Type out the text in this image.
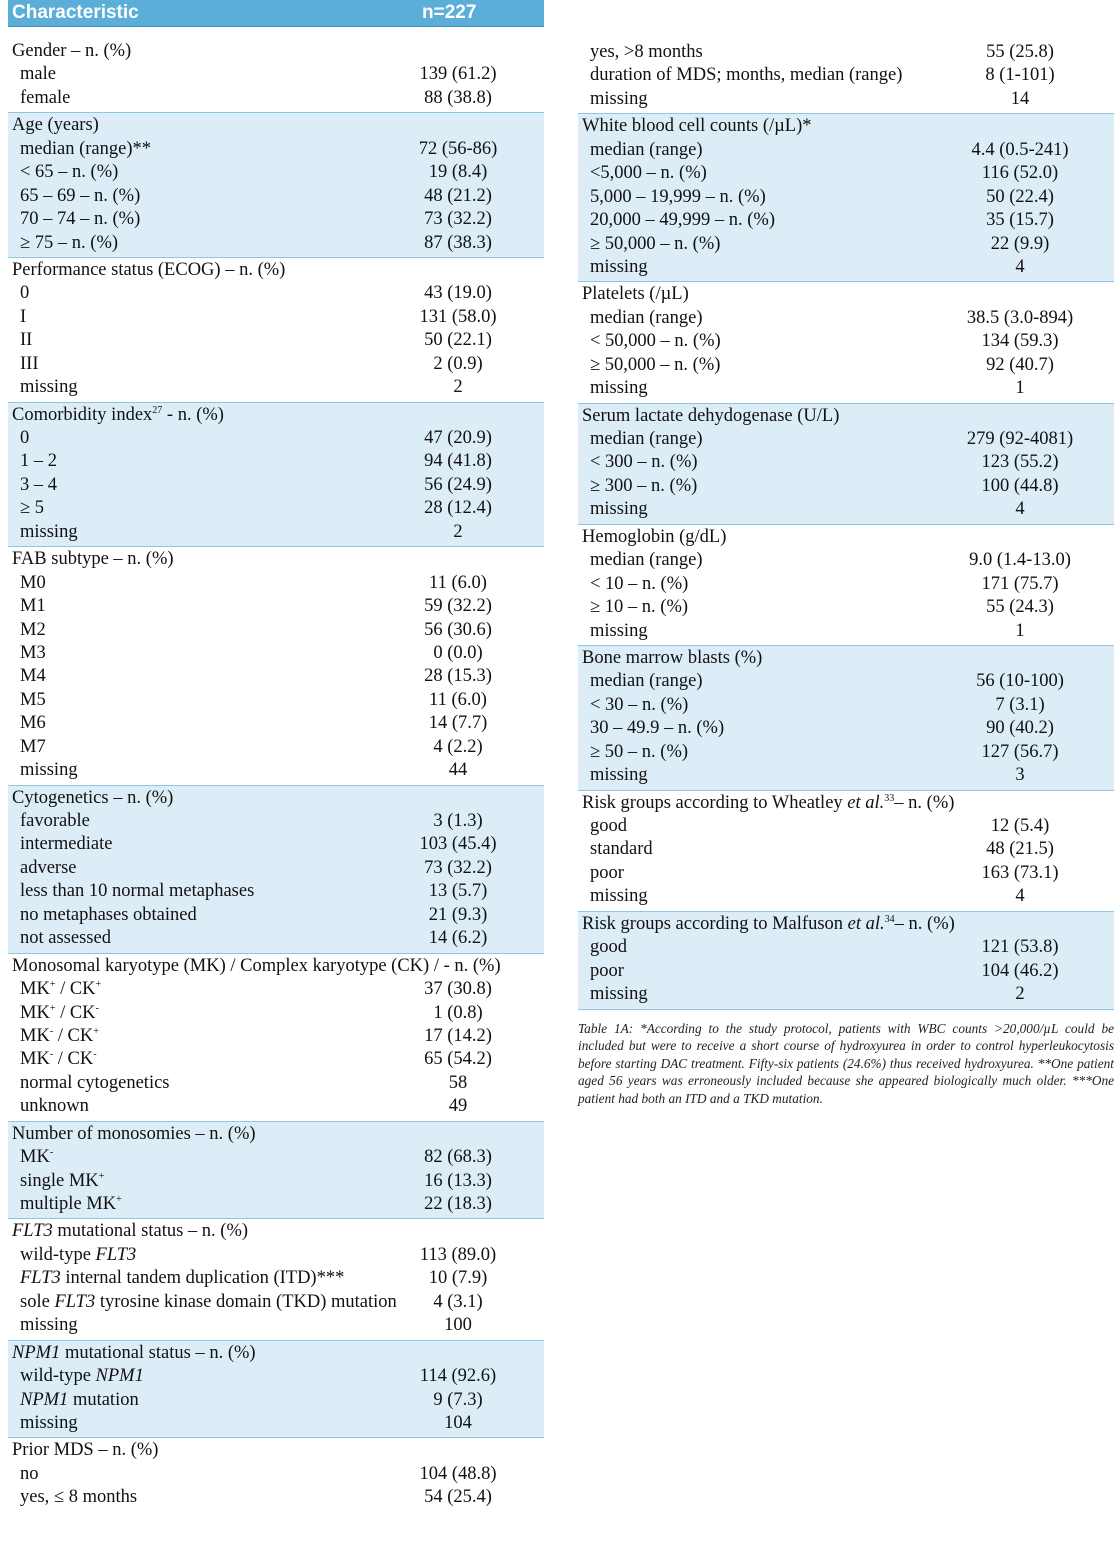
Characteristic	n=227
Gender – n. (%)
male	139 (61.2)
female	88 (38.8)
Age (years)
median (range)**	72 (56-86)
< 65 – n. (%)	19 (8.4)
65 – 69 – n. (%)	48 (21.2)
70 – 74 – n. (%)	73 (32.2)
≥ 75 – n. (%)	87 (38.3)
Performance status (ECOG) – n. (%)
0	43 (19.0)
I	131 (58.0)
II	50 (22.1)
III	2 (0.9)
missing	2
Comorbidity index$^{27}$ - n. (%)
0	47 (20.9)
1 – 2	94 (41.8)
3 – 4	56 (24.9)
≥ 5	28 (12.4)
missing	2
FAB subtype – n. (%)
M0	11 (6.0)
M1	59 (32.2)
M2	56 (30.6)
M3	0 (0.0)
M4	28 (15.3)
M5	11 (6.0)
M6	14 (7.7)
M7	4 (2.2)
missing	44
Cytogenetics – n. (%)
favorable	3 (1.3)
intermediate	103 (45.4)
adverse	73 (32.2)
less than 10 normal metaphases	13 (5.7)
no metaphases obtained	21 (9.3)
not assessed	14 (6.2)
Monosomal karyotype (MK) / Complex karyotype (CK) / - n. (%)
MK+ / CK+	37 (30.8)
MK+ / CK-	1 (0.8)
MK- / CK+	17 (14.2)
MK- / CK-	65 (54.2)
normal cytogenetics	58
unknown	49
Number of monosomies – n. (%)
MK-	82 (68.3)
single MK+	16 (13.3)
multiple MK+	22 (18.3)
FLT3 mutational status – n. (%)
wild-type FLT3	113 (89.0)
FLT3 internal tandem duplication (ITD)***	10 (7.9)
sole FLT3 tyrosine kinase domain (TKD) mutation	4 (3.1)
missing	100
NPM1 mutational status – n. (%)
wild-type NPM1	114 (92.6)
NPM1 mutation	9 (7.3)
missing	104
Prior MDS – n. (%)
no	104 (48.8)
yes, ≤ 8 months	54 (25.4)
yes, >8 months	55 (25.8)
duration of MDS; months, median (range)	8 (1-101)
missing	14
White blood cell counts (/µL)*
median (range)	4.4 (0.5-241)
<5,000 – n. (%)	116 (52.0)
5,000 – 19,999 – n. (%)	50 (22.4)
20,000 – 49,999 – n. (%)	35 (15.7)
≥ 50,000 – n. (%)	22 (9.9)
missing	4
Platelets (/µL)
median (range)	38.5 (3.0-894)
< 50,000 – n. (%)	134 (59.3)
≥ 50,000 – n. (%)	92 (40.7)
missing	1
Serum lactate dehydogenase (U/L)
median (range)	279 (92-4081)
< 300 – n. (%)	123 (55.2)
≥ 300 – n. (%)	100 (44.8)
missing	4
Hemoglobin (g/dL)
median (range)	9.0 (1.4-13.0)
< 10 – n. (%)	171 (75.7)
≥ 10 – n. (%)	55 (24.3)
missing	1
Bone marrow blasts (%)
median (range)	56 (10-100)
< 30 – n. (%)	7 (3.1)
30 – 49.9 – n. (%)	90 (40.2)
≥ 50 – n. (%)	127 (56.7)
missing	3
Risk groups according to Wheatley et al.$^{33}$– n. (%)
good	12 (5.4)
standard	48 (21.5)
poor	163 (73.1)
missing	4
Risk groups according to Malfuson et al.$^{34}$– n. (%)
good	121 (53.8)
poor	104 (46.2)
missing	2
Table 1A: *According to the study protocol, patients with WBC counts >20,000/µL could be included but were to receive a short course of hydroxyurea in order to control hyperleukocytosis before starting DAC treatment. Fifty-six patients (24.6%) thus received hydroxyurea. **One patient aged 56 years was erroneously included because she appeared biologically much older. ***One patient had both an ITD and a TKD mutation.
